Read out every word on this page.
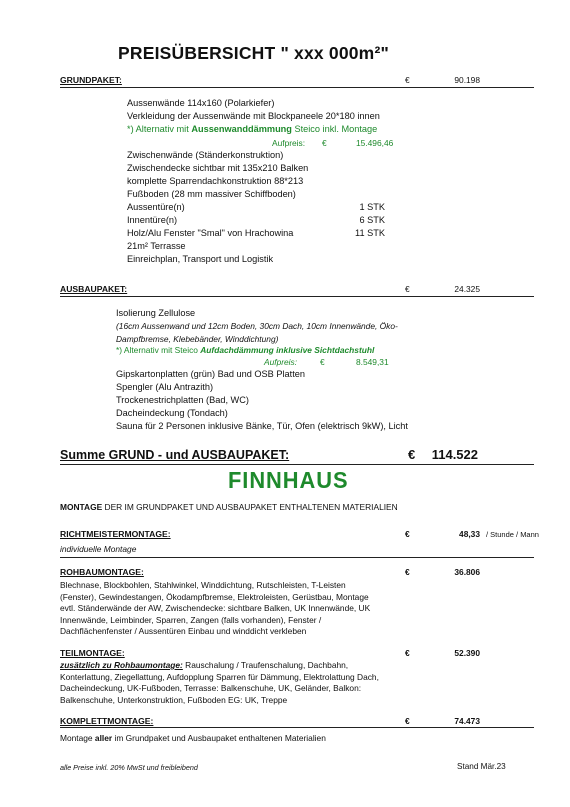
PREISÜBERSICHT " xxx 000m²"
GRUNDPAKET:	€	90.198
Aussenwände 114x160 (Polarkiefer)
Verkleidung der Aussenwände mit Blockpaneele 20*180 innen
*) Alternativ mit Aussenwanddämmung Steico inkl. Montage
Aufpreis: €	15.496,46
Zwischenwände (Ständerkonstruktion)
Zwischendecke sichtbar mit 135x210 Balken
komplette Sparrendachkonstruktion 88*213
Fußboden (28 mm massiver Schiffboden)
Aussentüre(n)	1 STK
Innentüre(n)	6 STK
Holz/Alu Fenster "Smal" von Hrachowina	11 STK
21m² Terrasse
Einreichplan, Transport und Logistik
AUSBAUPAKET:	€	24.325
Isolierung Zellulose
(16cm Aussenwand und 12cm Boden, 30cm Dach, 10cm Innenwände, Öko-Dampfbremse, Klebebänder, Winddichtung)
*) Alternativ mit Steico Aufdachdämmung inklusive Sichtdachstuhl
Aufpreis:	€	8.549,31
Gipskartonplatten (grün) Bad und OSB Platten
Spengler (Alu Antrazith)
Trockenestrichplatten (Bad, WC)
Dacheindeckung (Tondach)
Sauna für 2 Personen inklusive Bänke, Tür, Ofen (elektrisch 9kW), Licht
Summe GRUND - und AUSBAUPAKET:	€	114.522
FINNHAUS
MONTAGE DER IM GRUNDPAKET UND AUSBAUPAKET ENTHALTENEN MATERIALIEN
RICHTMEISTERMONTAGE:	€	48,33 / Stunde / Mann
individuelle Montage
ROHBAUMONTAGE:	€	36.806
Blechnase, Blockbohlen, Stahlwinkel, Winddichtung, Rutschleisten, T-Leisten (Fenster), Gewindestangen, Ökodampfbremse, Elektroleisten, Gerüstbau, Montage evtl. Ständerwände der AW, Zwischendecke: sichtbare Balken, UK Innenwände, UK Innenwände, Leimbinder, Sparren, Zangen (falls vorhanden), Fenster / Dachflächenfenster / Aussentüren Einbau und winddicht verkleben
TEILMONTAGE:	€	52.390
zusätzlich zu Rohbaumontage: Rauschalung / Traufenschalung, Dachbahn, Konterlattung, Ziegellattung, Aufdopplung Sparren für Dämmung, Elektrolattung Dach, Dacheindeckung, UK-Fußboden, Terrasse: Balkenschuhe, UK, Geländer, Balkon: Balkenschuhe, Unterkonstruktion, Fußboden EG: UK, Treppe
KOMPLETTMONTAGE:	€	74.473
Montage aller im Grundpaket und Ausbaupaket enthaltenen Materialien
alle Preise inkl. 20% MwSt und freibleibend	Stand Mär.23
